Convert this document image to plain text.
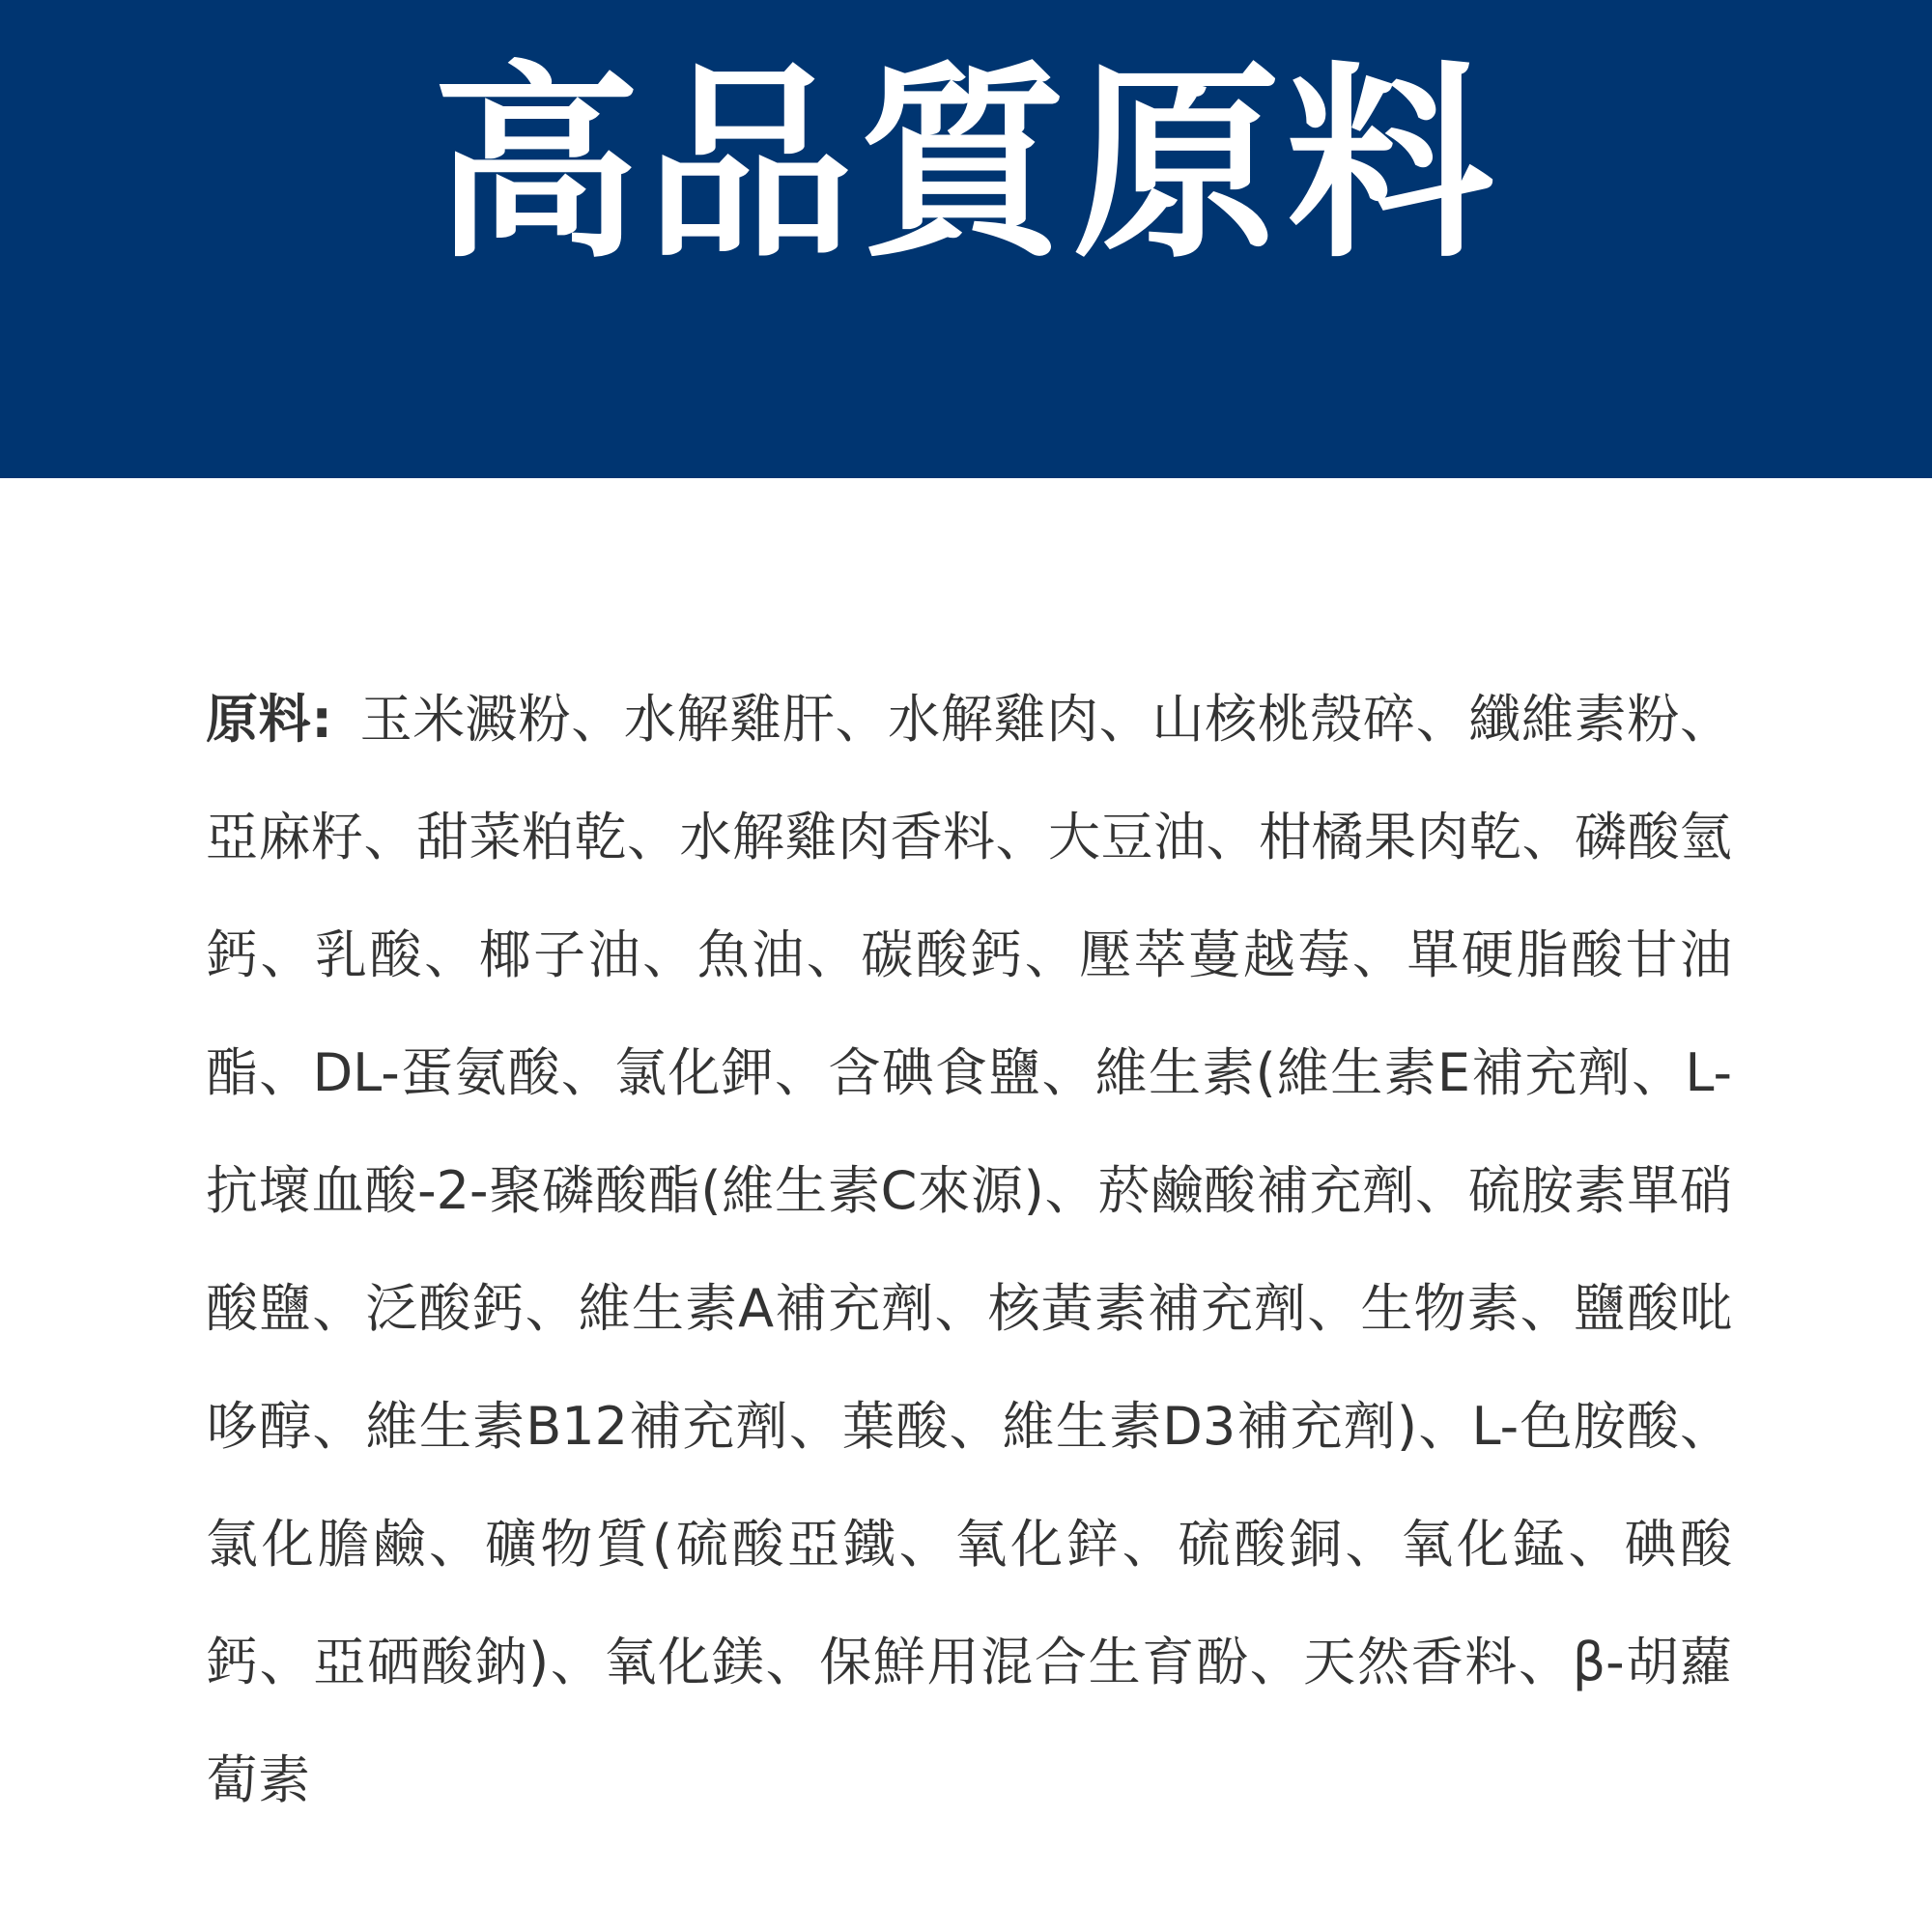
高品質原料

原料: 玉米澱粉、水解雞肝、水解雞肉、山核桃殼碎、纖維素粉、亞麻籽、甜菜粕乾、水解雞肉香料、大豆油、柑橘果肉乾、磷酸氫鈣、乳酸、椰子油、魚油、碳酸鈣、壓萃蔓越莓、單硬脂酸甘油酯、DL-蛋氨酸、氯化鉀、含碘食鹽、維生素(維生素E補充劑、L-抗壞血酸-2-聚磷酸酯(維生素C來源)、菸鹼酸補充劑、硫胺素單硝酸鹽、泛酸鈣、維生素A補充劑、核黃素補充劑、生物素、鹽酸吡哆醇、維生素B12補充劑、葉酸、維生素D3補充劑)、L-色胺酸、氯化膽鹼、礦物質(硫酸亞鐵、氧化鋅、硫酸銅、氧化錳、碘酸鈣、亞硒酸鈉)、氧化鎂、保鮮用混合生育酚、天然香料、β-胡蘿蔔素
